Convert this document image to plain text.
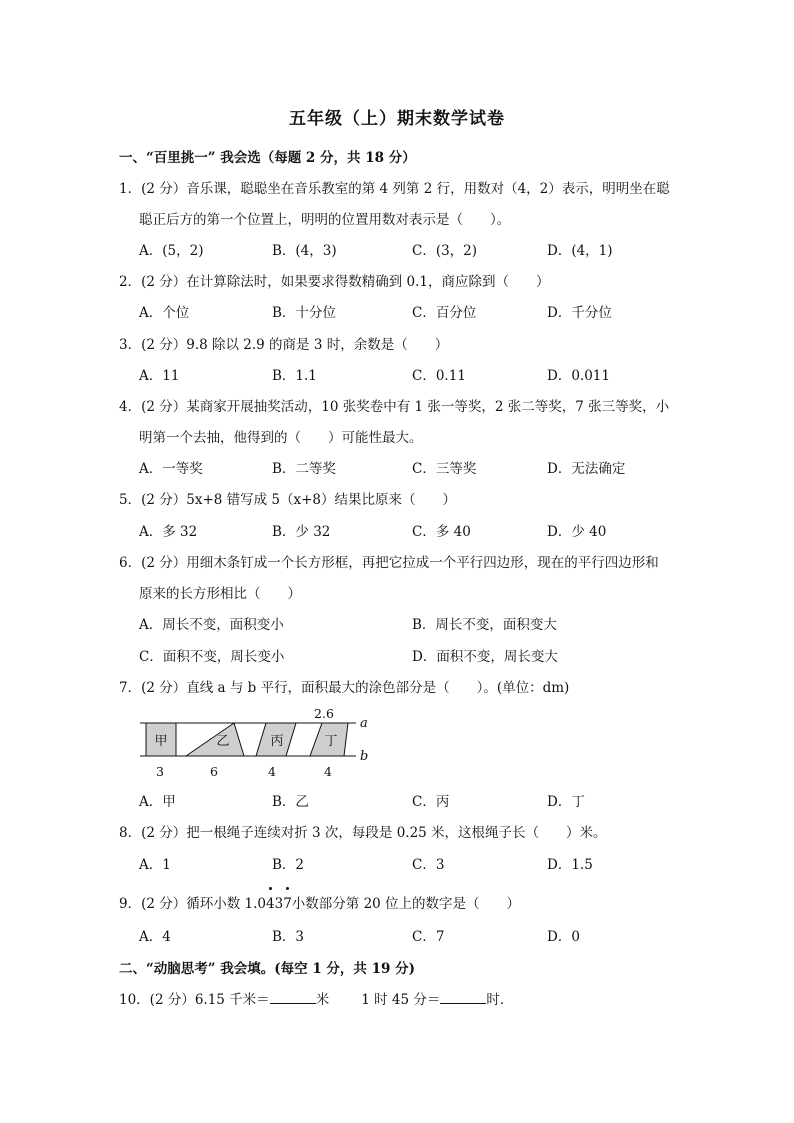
五年级（上）期末数学试卷
一、“百里挑一” 我会选（每题 2 分，共 18 分）
1．(2 分）音乐课，聪聪坐在音乐教室的第 4 列第 2 行，用数对（4，2）表示，明明坐在聪
聪正后方的第一个位置上，明明的位置用数对表示是（　　）。
A．(5，2)	B．(4，3)	C．(3，2)	D．(4，1)
2．(2 分）在计算除法时，如果要求得数精确到 0.1，商应除到（　　）
A．个位	B．十分位	C．百分位	D．千分位
3．(2 分）9.8 除以 2.9 的商是 3 时，余数是（　　）
A．11	B．1.1	C．0.11	D．0.011
4．(2 分）某商家开展抽奖活动，10 张奖卷中有 1 张一等奖，2 张二等奖，7 张三等奖，小
明第一个去抽，他得到的（　　）可能性最大。
A．一等奖	B．二等奖	C．三等奖	D．无法确定
5．(2 分）5x+8 错写成 5（x+8）结果比原来（　　）
A．多 32	B．少 32	C．多 40	D．少 40
6．(2 分）用细木条钉成一个长方形框，再把它拉成一个平行四边形，现在的平行四边形和
原来的长方形相比（　　）
A．周长不变，面积变小	B．周长不变，面积变大
C．面积不变，周长变小	D．面积不变，周长变大
7．(2 分）直线 a 与 b 平行，面积最大的涂色部分是（　　）。(单位：dm)
2.6
a
b
甲	乙	丙	丁
3	6	4	4
A．甲	B．乙	C．丙	D．丁
8．(2 分）把一根绳子连续对折 3 次，每段是 0.25 米，这根绳子长（　　）米。
A．1	B．2	C．3	D．1.5
9．(2 分）循环小数 1.0
43
7小数部分第 20 位上的数字是（　　）
A．4	B．3	C．7	D．0
二、“动脑思考” 我会填。(每空 1 分，共 19 分)
10．(2 分）6.15 千米＝	米 1 时 45 分＝	时．
